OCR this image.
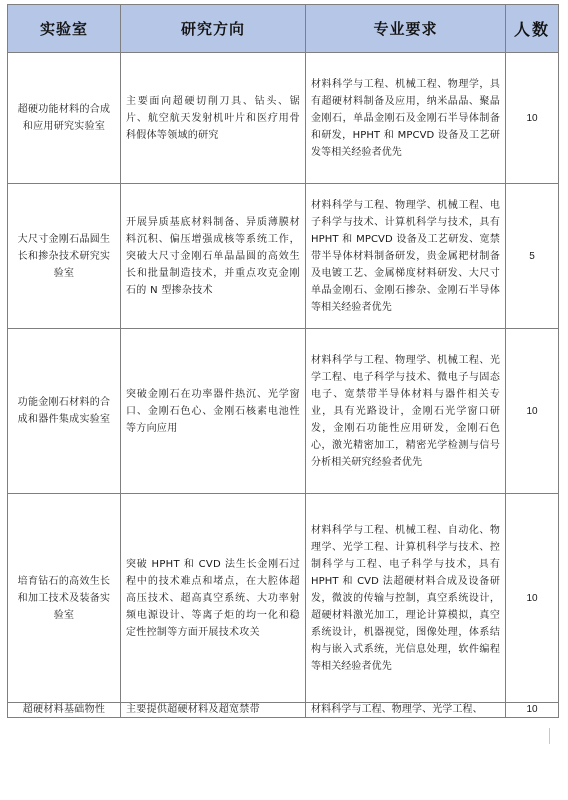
实验室	研究方向	专业要求	人数
超硬功能材料的合成和应用研究实验室	主要面向超硬切削刀具、钻头、锯片、航空航天发射机叶片和医疗用骨科假体等领域的研究	材料科学与工程、机械工程、物理学，具有超硬材料制备及应用，纳米晶晶、聚晶金刚石，单晶金刚石及金刚石半导体制备和研发，HPHT 和 MPCVD 设备及工艺研发等相关经验者优先	10
大尺寸金刚石晶圆生长和掺杂技术研究实验室	开展异质基底材料制备、异质薄膜材料沉积、偏压增强成核等系统工作，突破大尺寸金刚石单晶晶圆的高效生长和批量制造技术，并重点攻克金刚石的 N 型掺杂技术	材料科学与工程、物理学、机械工程、电子科学与技术、计算机科学与技术，具有 HPHT 和 MPCVD 设备及工艺研发、宽禁带半导体材料制备研发，贵金属耙材制备及电镀工艺、金属梯度材料研发、大尺寸单晶金刚石、金刚石掺杂、金刚石半导体等相关经验者优先	5
功能金刚石材料的合成和器件集成实验室	突破金刚石在功率器件热沉、光学窗口、金刚石色心、金刚石核素电池性等方向应用	材料科学与工程、物理学、机械工程、光学工程、电子科学与技术、微电子与固态电子、宽禁带半导体材料与器件相关专业，具有光路设计，金刚石光学窗口研发，金刚石功能性应用研发，金刚石色心，激光精密加工，精密光学检测与信号分析相关研究经验者优先	10
培育钻石的高效生长和加工技术及装备实验室	突破 HPHT 和 CVD 法生长金刚石过程中的技术难点和堵点，在大腔体超高压技术、超高真空系统、大功率射频电源设计、等离子炬的均一化和稳定性控制等方面开展技术攻关	材料科学与工程、机械工程、自动化、物理学、光学工程、计算机科学与技术、控制科学与工程、电子科学与技术，具有 HPHT 和 CVD 法超硬材料合成及设备研发，微波的传输与控制，真空系统设计，超硬材料激光加工，理论计算模拟，真空系统设计，机器视觉，图像处理，体系结构与嵌入式系统，光信息处理，软件编程等相关经验者优先	10

超硬材料基础物性	主要提供超硬材料及超宽禁带	材料科学与工程、物理学、光学工程、	10
